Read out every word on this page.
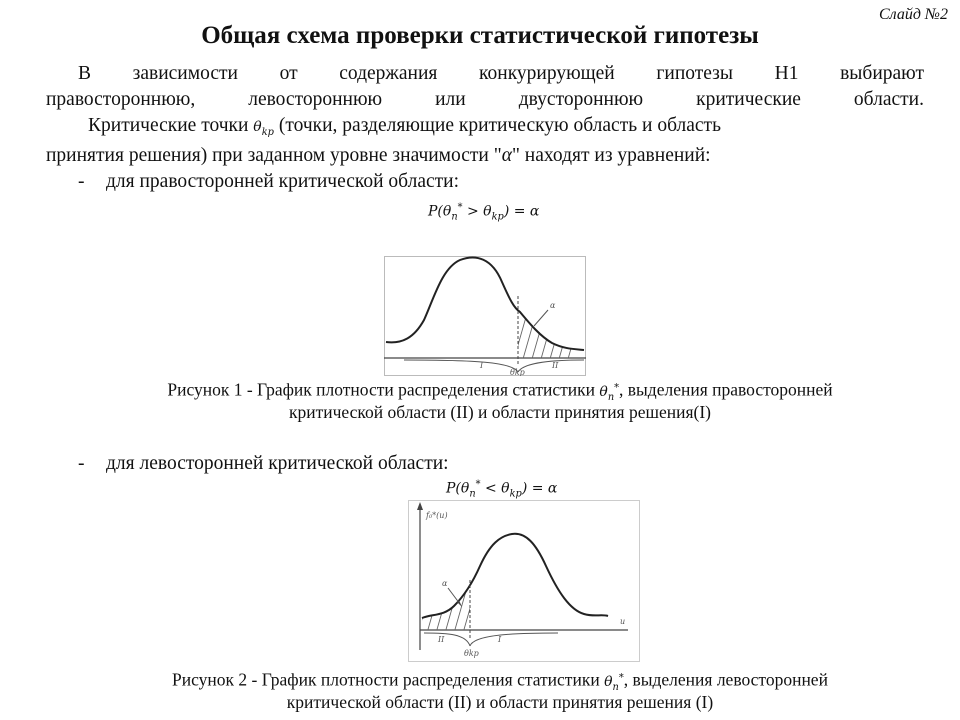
Слайд №2
Общая схема проверки статистической гипотезы
В зависимости от содержания конкурирующей гипотезы Н1 выбирают
правостороннюю, левостороннюю или двустороннюю критические области.
Критические точки $\theta_{kp}$ (точки, разделяющие критическую область и область
принятия решения) при заданном уровне значимости "α" находят из уравнений:
- для правосторонней критической области:
$P(\theta_n^* > \theta_{kp}) = \alpha$
α
I	II
θkp
Рисунок 1 - График плотности распределения статистики $\theta_n^*$, выделения правосторонней
критической области (II) и области принятия решения(I)
- для левосторонней критической области:
$P(\theta_n^* < \theta_{kp}) = \alpha$
f₀*(u)
u
α
II	I
θkp
Рисунок 2 - График плотности распределения статистики $\theta_n^*$, выделения левосторонней
критической области (II) и области принятия решения (I)
